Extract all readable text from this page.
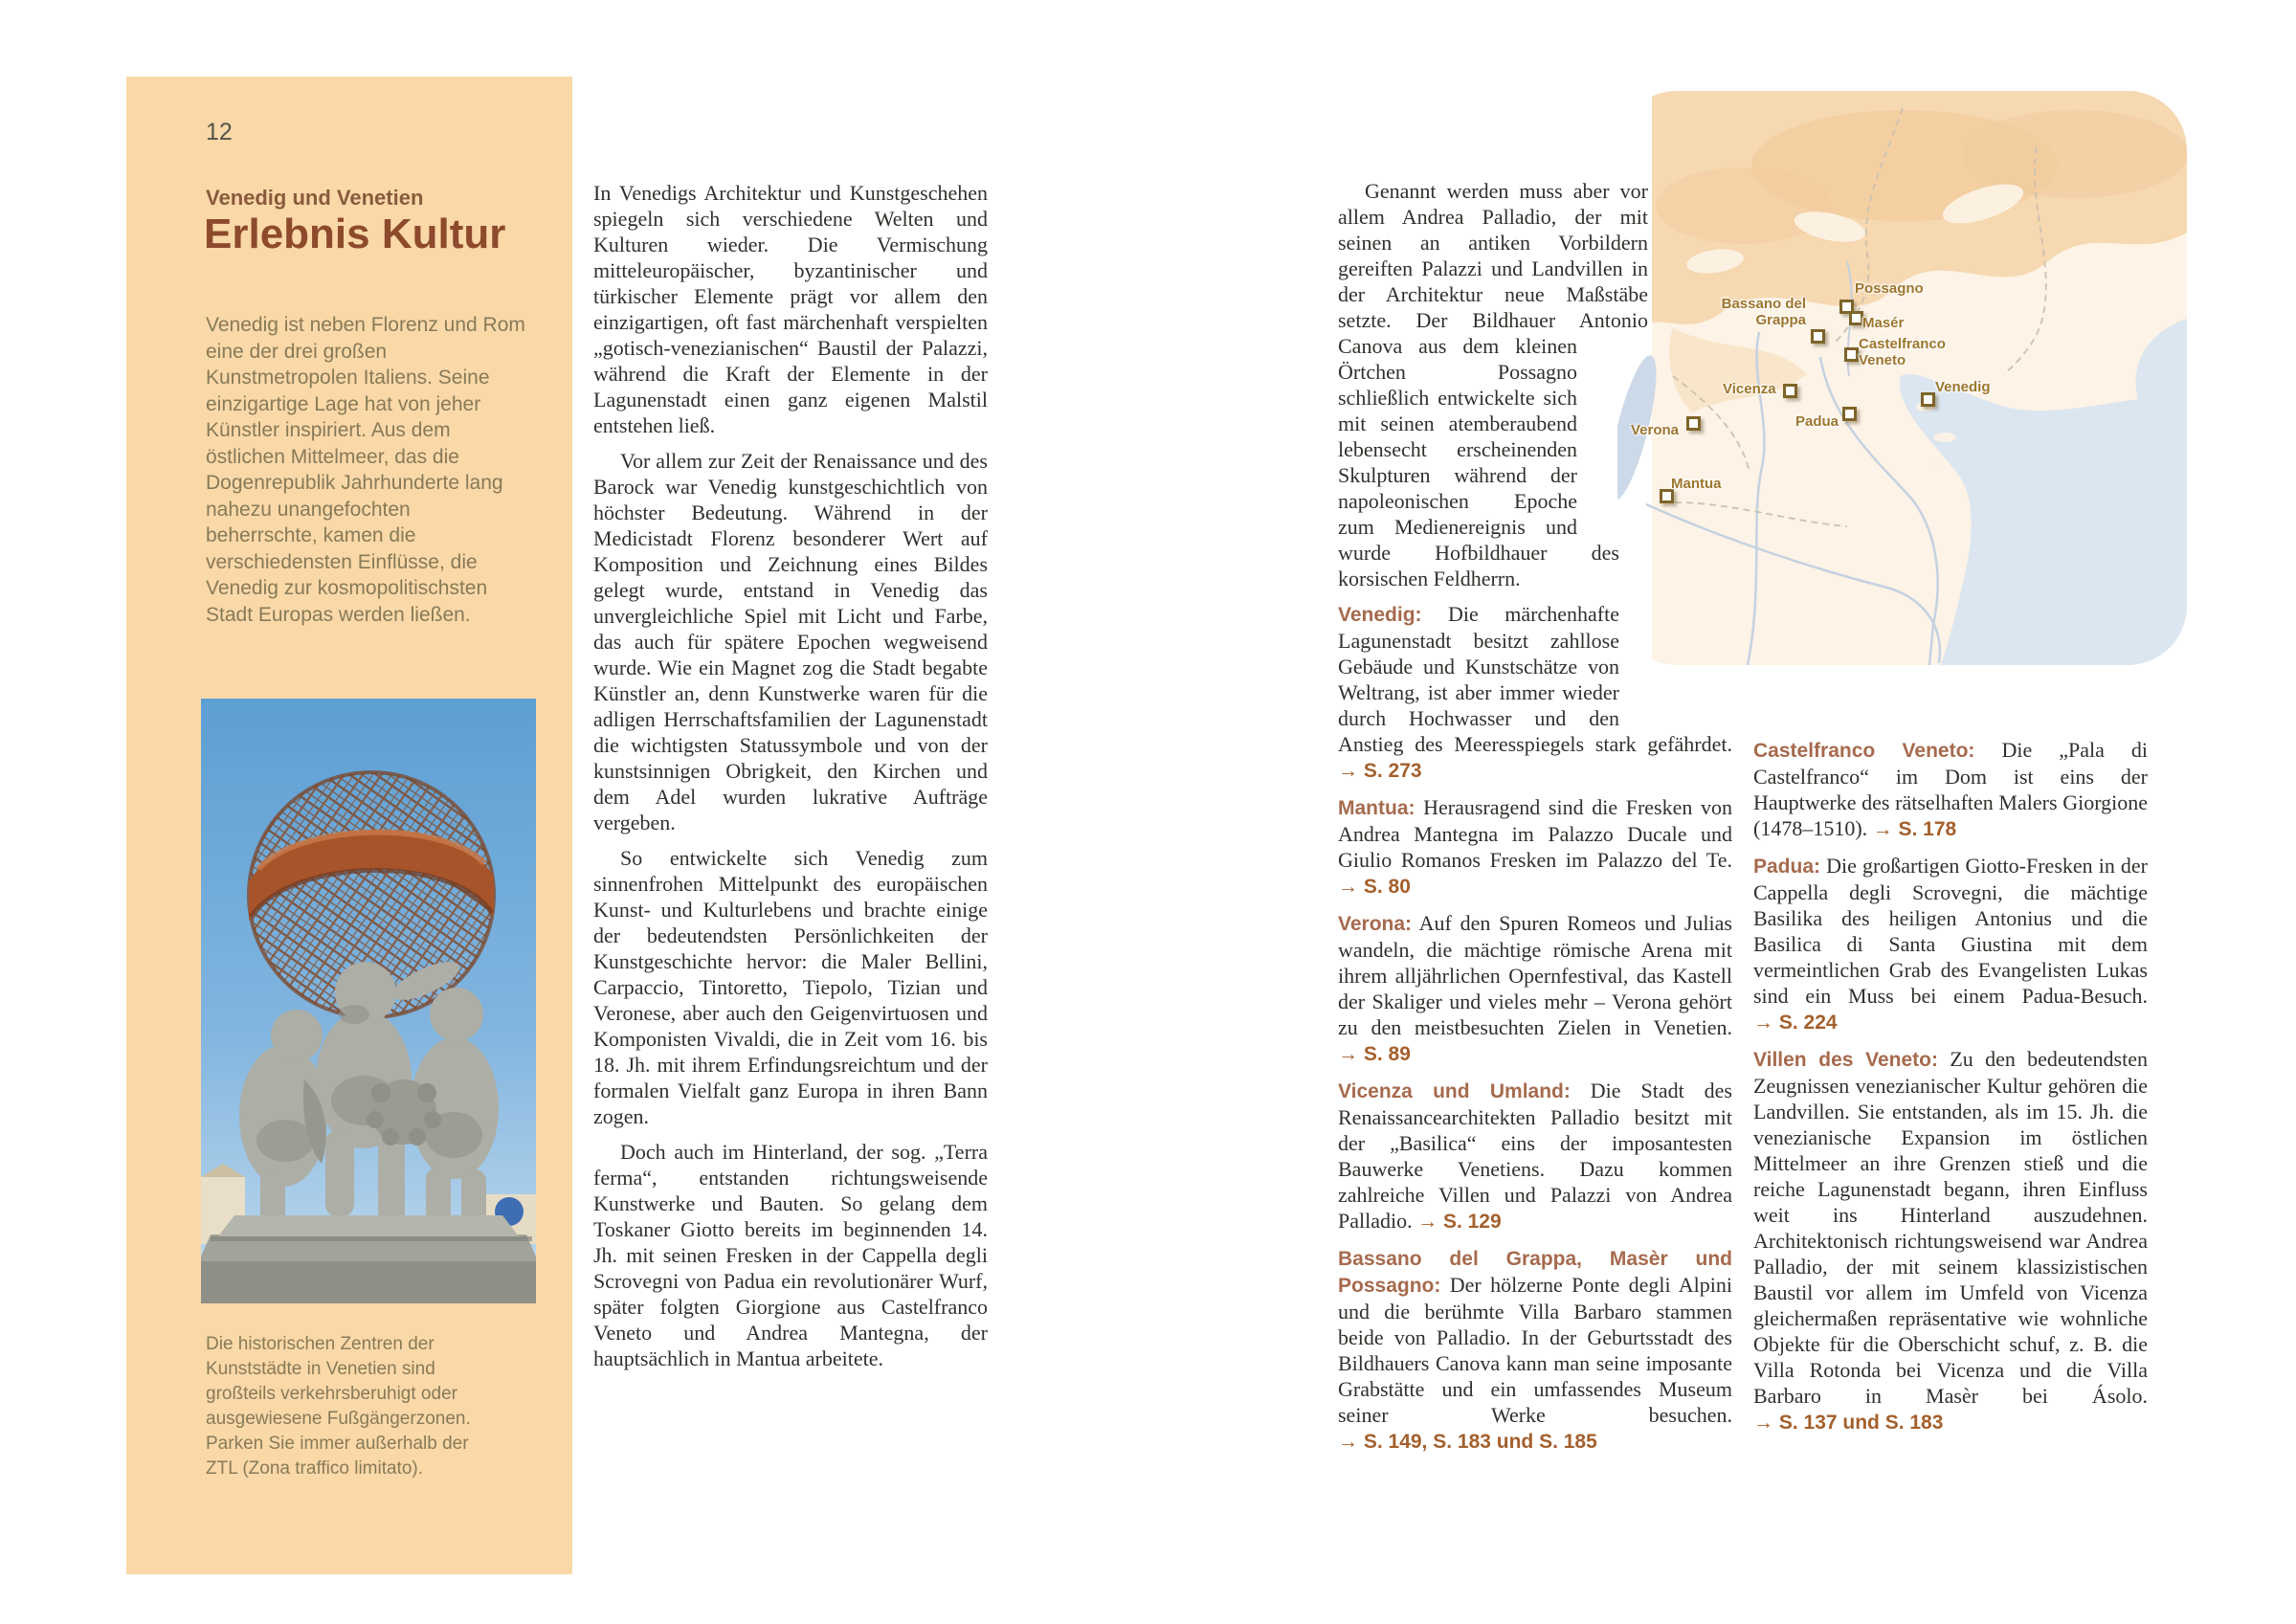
12
Venedig und Venetien
Erlebnis Kultur

Venedig ist neben Florenz und Rom eine der drei großen Kunstmetropolen Italiens. Seine einzigartige Lage hat von jeher Künstler inspiriert. Aus dem östlichen Mittelmeer, das die Dogenrepublik Jahrhunderte lang nahezu unangefochten beherrschte, kamen die verschiedensten Einflüsse, die Venedig zur kosmopolitischsten Stadt Europas werden ließen.

Die historischen Zentren der Kunststädte in Venetien sind großteils verkehrsberuhigt oder ausgewiesene Fußgängerzonen. Parken Sie immer außerhalb der ZTL (Zona traffico limitato).

In Venedigs Architektur und Kunstgeschehen spiegeln sich verschiedene Welten und Kulturen wieder. Die Vermischung mitteleuropäischer, byzantinischer und türkischer Elemente prägt vor allem den einzigartigen, oft fast märchenhaft verspielten „gotisch-venezianischen“ Baustil der Palazzi, während die Kraft der Elemente in der Lagunenstadt einen ganz eigenen Malstil entstehen ließ.

Vor allem zur Zeit der Renaissance und des Barock war Venedig kunstgeschichtlich von höchster Bedeutung. Während in der Medicistadt Florenz besonderer Wert auf Komposition und Zeichnung eines Bildes gelegt wurde, entstand in Venedig das unvergleichliche Spiel mit Licht und Farbe, das auch für spätere Epochen wegweisend wurde. Wie ein Magnet zog die Stadt begabte Künstler an, denn Kunstwerke waren für die adligen Herrschaftsfamilien der Lagunenstadt die wichtigsten Statussymbole und von der kunstsinnigen Obrigkeit, den Kirchen und dem Adel wurden lukrative Aufträge vergeben.

So entwickelte sich Venedig zum sinnenfrohen Mittelpunkt des europäischen Kunst- und Kulturlebens und brachte einige der bedeutendsten Persönlichkeiten der Kunstgeschichte hervor: die Maler Bellini, Carpaccio, Tintoretto, Tiepolo, Tizian und Veronese, aber auch den Geigenvirtuosen und Komponisten Vivaldi, die in Zeit vom 16. bis 18. Jh. mit ihrem Erfindungsreichtum und der formalen Vielfalt ganz Europa in ihren Bann zogen.

Doch auch im Hinterland, der sog. „Terra ferma“, entstanden richtungsweisende Kunstwerke und Bauten. So gelang dem Toskaner Giotto bereits im beginnenden 14. Jh. mit seinen Fresken in der Cappella degli Scrovegni von Padua ein revolutionärer Wurf, später folgten Giorgione aus Castelfranco Veneto und Andrea Mantegna, der hauptsächlich in Mantua arbeitete.

Genannt werden muss aber vor allem Andrea Palladio, der mit seinen an antiken Vorbildern gereiften Palazzi und Landvillen in der Architektur neue Maßstäbe setzte. Der Bildhauer Antonio Canova aus dem kleinen Örtchen Possagno schließlich entwickelte sich mit seinen atemberaubend lebensecht erscheinenden Skulpturen während der napoleonischen Epoche zum Medienereignis und wurde Hofbildhauer des korsischen Feldherrn.

Venedig: Die märchenhafte Lagunenstadt besitzt zahllose Gebäude und Kunstschätze von Weltrang, ist aber immer wieder durch Hochwasser und den Anstieg des Meeresspiegels stark gefährdet. → S. 273

Mantua: Herausragend sind die Fresken von Andrea Mantegna im Palazzo Ducale und Giulio Romanos Fresken im Palazzo del Te. → S. 80

Verona: Auf den Spuren Romeos und Julias wandeln, die mächtige römische Arena mit ihrem alljährlichen Opernfestival, das Kastell der Skaliger und vieles mehr – Verona gehört zu den meistbesuchten Zielen in Venetien. → S. 89

Vicenza und Umland: Die Stadt des Renaissancearchitekten Palladio besitzt mit der „Basilica“ eins der imposantesten Bauwerke Venetiens. Dazu kommen zahlreiche Villen und Palazzi von Andrea Palladio. → S. 129

Bassano del Grappa, Masèr und Possagno: Der hölzerne Ponte degli Alpini und die berühmte Villa Barbaro stammen beide von Palladio. In der Geburtsstadt des Bildhauers Canova kann man seine imposante Grabstätte und ein umfassendes Museum seiner Werke besuchen. → S. 149, S. 183 und S. 185

Castelfranco Veneto: Die „Pala di Castelfranco“ im Dom ist eins der Hauptwerke des rätselhaften Malers Giorgione (1478–1510). → S. 178

Padua: Die großartigen Giotto-Fresken in der Cappella degli Scrovegni, die mächtige Basilika des heiligen Antonius und die Basilica di Santa Giustina mit dem vermeintlichen Grab des Evangelisten Lukas sind ein Muss bei einem Padua-Besuch. → S. 224

Villen des Veneto: Zu den bedeutendsten Zeugnissen venezianischer Kultur gehören die Landvillen. Sie entstanden, als im 15. Jh. die venezianische Expansion im östlichen Mittelmeer an ihre Grenzen stieß und die reiche Lagunenstadt begann, ihren Einfluss weit ins Hinterland auszudehnen. Architektonisch richtungsweisend war Andrea Palladio, der mit seinem klassizistischen Baustil vor allem im Umfeld von Vicenza gleichermaßen repräsentative wie wohnliche Objekte für die Oberschicht schuf, z. B. die Villa Rotonda bei Vicenza und die Villa Barbaro in Masèr bei Ásolo. → S. 137 und S. 183

Possagno
Masér
Bassano del Grappa
Castelfranco Veneto
Vicenza	Venedig
Padua
Verona
Mantua
